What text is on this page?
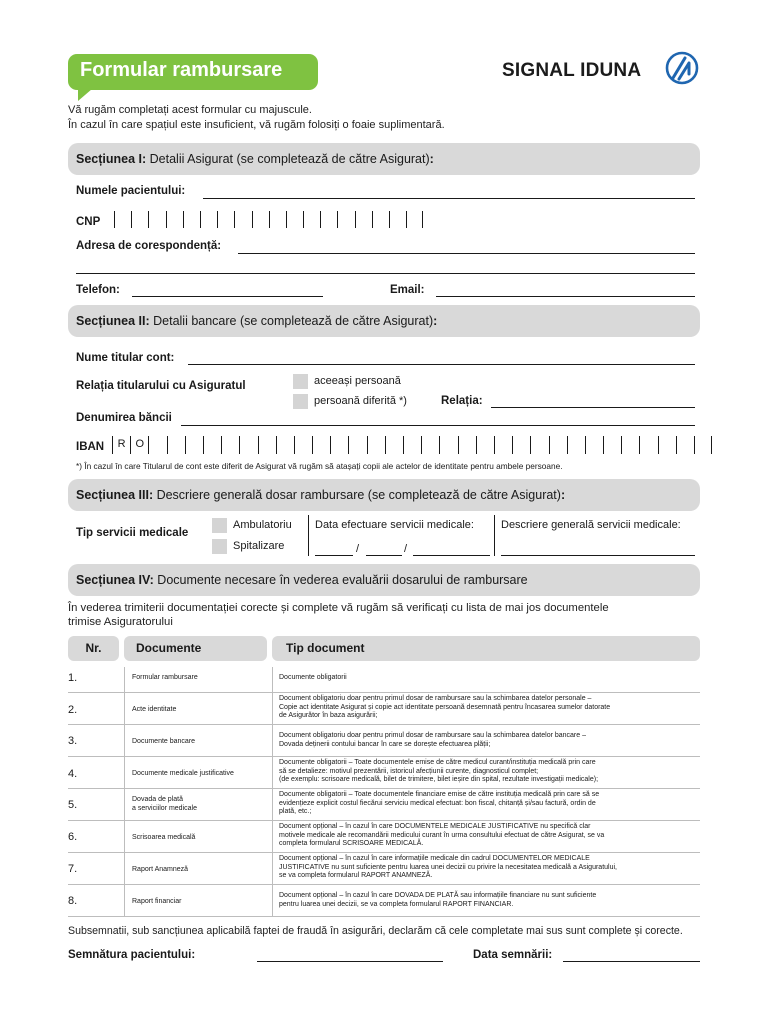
Formular rambursare	SIGNAL IDUNA
Vă rugăm completați acest formular cu majuscule.
În cazul în care spațiul este insuficient, vă rugăm folosiți o foaie suplimentară.
Secțiunea I: Detalii Asigurat (se completează de către Asigurat):
Numele pacientului:
CNP
Adresa de corespondență:
Telefon:	Email:
Secțiunea II: Detalii bancare (se completează de către Asigurat):
Nume titular cont:
Relația titularului cu Asiguratul	aceeași persoană
persoană diferită *)	Relația:
Denumirea băncii
IBAN	R O
*) În cazul în care Titularul de cont este diferit de Asigurat vă rugăm să atașați copii ale actelor de identitate pentru ambele persoane.
Secțiunea III: Descriere generală dosar rambursare (se completează de către Asigurat):
Tip servicii medicale
Ambulatoriu
Spitalizare
Data efectuare servicii medicale:
/	/
Descriere generală servicii medicale:
Secțiunea IV: Documente necesare în vederea evaluării dosarului de rambursare
În vederea trimiterii documentației corecte și complete vă rugăm să verificați cu lista de mai jos documentele
trimise Asiguratorului
Nr.	Documente	Tip document
1.	Formular rambursare	Documente obligatorii
2.	Acte identitate
Document obligatoriu doar pentru primul dosar de rambursare sau la schimbarea datelor personale –
Copie act identitate Asigurat și copie act identitate persoană desemnată pentru încasarea sumelor datorate
de Asigurător în baza asigurării;
3.	Documente bancare
Document obligatoriu doar pentru primul dosar de rambursare sau la schimbarea datelor bancare –
Dovada deținerii contului bancar în care se dorește efectuarea plății;
4.	Documente medicale justificative
Documente obligatorii – Toate documentele emise de către medicul curant/instituția medicală prin care
să se detalieze: motivul prezentării, istoricul afecțiunii curente, diagnosticul complet;
(de exemplu: scrisoare medicală, bilet de trimitere, bilet ieșire din spital, rezultate investigații medicale);
5.	Dovada de plată
a serviciilor medicale
Documente obligatorii – Toate documentele financiare emise de către instituția medicală prin care să se
evidențieze explicit costul fiecărui serviciu medical efectuat: bon fiscal, chitanță și/sau factură, ordin de
plată, etc.;
6.	Scrisoarea medicală
Document opțional – în cazul în care DOCUMENTELE MEDICALE JUSTIFICATIVE nu specifică clar
motivele medicale ale recomandării medicului curant în urma consultului efectuat de către Asigurat, se va
completa formularul SCRISOARE MEDICALĂ.
7.	Raport Anamneză
Document opțional – în cazul în care informațiile medicale din cadrul DOCUMENTELOR MEDICALE
JUSTIFICATIVE nu sunt suficiente pentru luarea unei decizii cu privire la necesitatea medicală a Asiguratului,
se va completa formularul RAPORT ANAMNEZĂ.
8.	Raport financiar
Document opțional – în cazul în care DOVADA DE PLATĂ sau informațiile financiare nu sunt suficiente
pentru luarea unei decizii, se va completa formularul RAPORT FINANCIAR.
Subsemnatii, sub sancțiunea aplicabilă faptei de fraudă în asigurări, declarăm că cele completate mai sus sunt complete și corecte.
Semnătura pacientului:	Data semnării:
